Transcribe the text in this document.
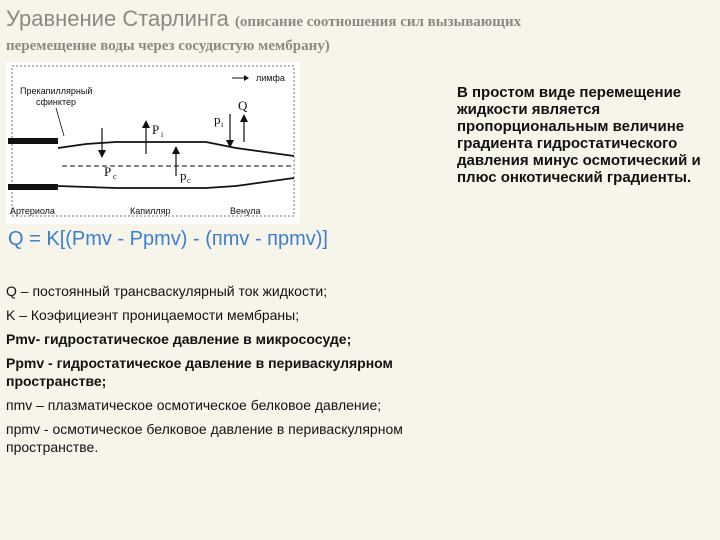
Уравнение Старлинга (описание соотношения сил вызывающих
перемещение воды через сосудистую мембрану)
лимфа
Прекапиллярный
сфинктер
P i
p i
Q
P c	p c
Артериола	Капилляр	Венула
Q = K[(Pmv - Ppmv) - (пmv - пpmv)]

Q – постоянный трансваскулярный ток жидкости;

K – Коэфициеэнт проницаемости мембраны;

Pmv- гидростатическое давление в микрососуде;

Ppmv - гидростатическое давление в периваскулярном пространстве;

пmv – плазматическое осмотическое белковое давление;

пpmv - осмотическое белковое давление в периваскулярном пространстве.

В простом виде перемещение жидкости является пропорциональным величине градиента гидростатического давления минус осмотический и плюс онкотический градиенты.
